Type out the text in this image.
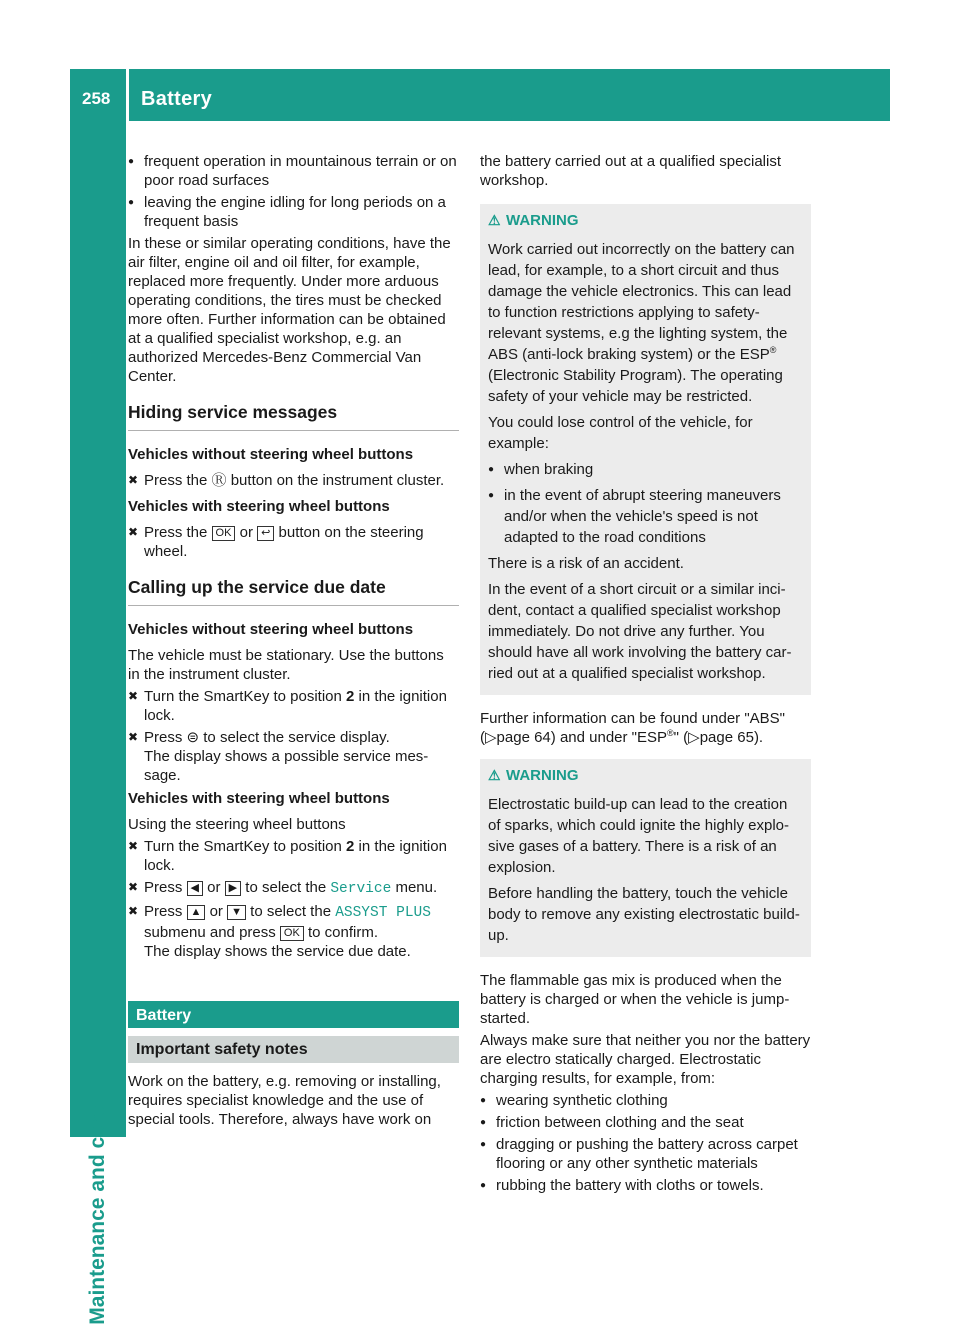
258 Battery
Maintenance and care
● frequent operation in mountainous terrain or on poor road surfaces
● leaving the engine idling for long periods on a frequent basis

In these or similar operating conditions, have the air filter, engine oil and oil filter, for example, replaced more frequently. Under more arduous operating conditions, the tires must be checked more often. Further information can be obtained at a qualified specialist workshop, e.g. an authorized Mercedes-Benz Commercial Van Center.

Hiding service messages
Vehicles without steering wheel buttons
✖ Press the Ⓡ button on the instrument cluster.
Vehicles with steering wheel buttons
✖ Press the OK or ↩ button on the steering wheel.
Calling up the service due date
Vehicles without steering wheel buttons

The vehicle must be stationary. Use the buttons in the instrument cluster.

✖ Turn the SmartKey to position 2 in the ignition lock.
✖ Press ⊜ to select the service display.
The display shows a possible service message.
Vehicles with steering wheel buttons

Using the steering wheel buttons

✖ Turn the SmartKey to position 2 in the ignition lock.
✖ Press ◀ or ▶ to select the Service menu.
✖ Press ▲ or ▼ to select the ASSYST PLUS submenu and press OK to confirm.
The display shows the service due date.
Battery
Important safety notes

Work on the battery, e.g. removing or installing, requires specialist knowledge and the use of special tools. Therefore, always have work on

the battery carried out at a qualified specialist workshop.

⚠ WARNING

Work carried out incorrectly on the battery can lead, for example, to a short circuit and thus damage the vehicle electronics. This can lead to function restrictions applying to safety-relevant systems, e.g the lighting system, the ABS (anti-lock braking system) or the ESP® (Electronic Stability Program). The operating safety of your vehicle may be restricted.

You could lose control of the vehicle, for example:

● when braking
● in the event of abrupt steering maneuvers and/or when the vehicle's speed is not adapted to the road conditions

There is a risk of an accident.

In the event of a short circuit or a similar incident, contact a qualified specialist workshop immediately. Do not drive any further. You should have all work involving the battery carried out at a qualified specialist workshop.

Further information can be found under "ABS" (▷page 64) and under "ESP®" (▷page 65).

⚠ WARNING

Electrostatic build-up can lead to the creation of sparks, which could ignite the highly explosive gases of a battery. There is a risk of an explosion.

Before handling the battery, touch the vehicle body to remove any existing electrostatic build-up.

The flammable gas mix is produced when the battery is charged or when the vehicle is jump-started.

Always make sure that neither you nor the battery are electro statically charged. Electrostatic charging results, for example, from:

● wearing synthetic clothing
● friction between clothing and the seat
● dragging or pushing the battery across carpet flooring or any other synthetic materials
● rubbing the battery with cloths or towels.
